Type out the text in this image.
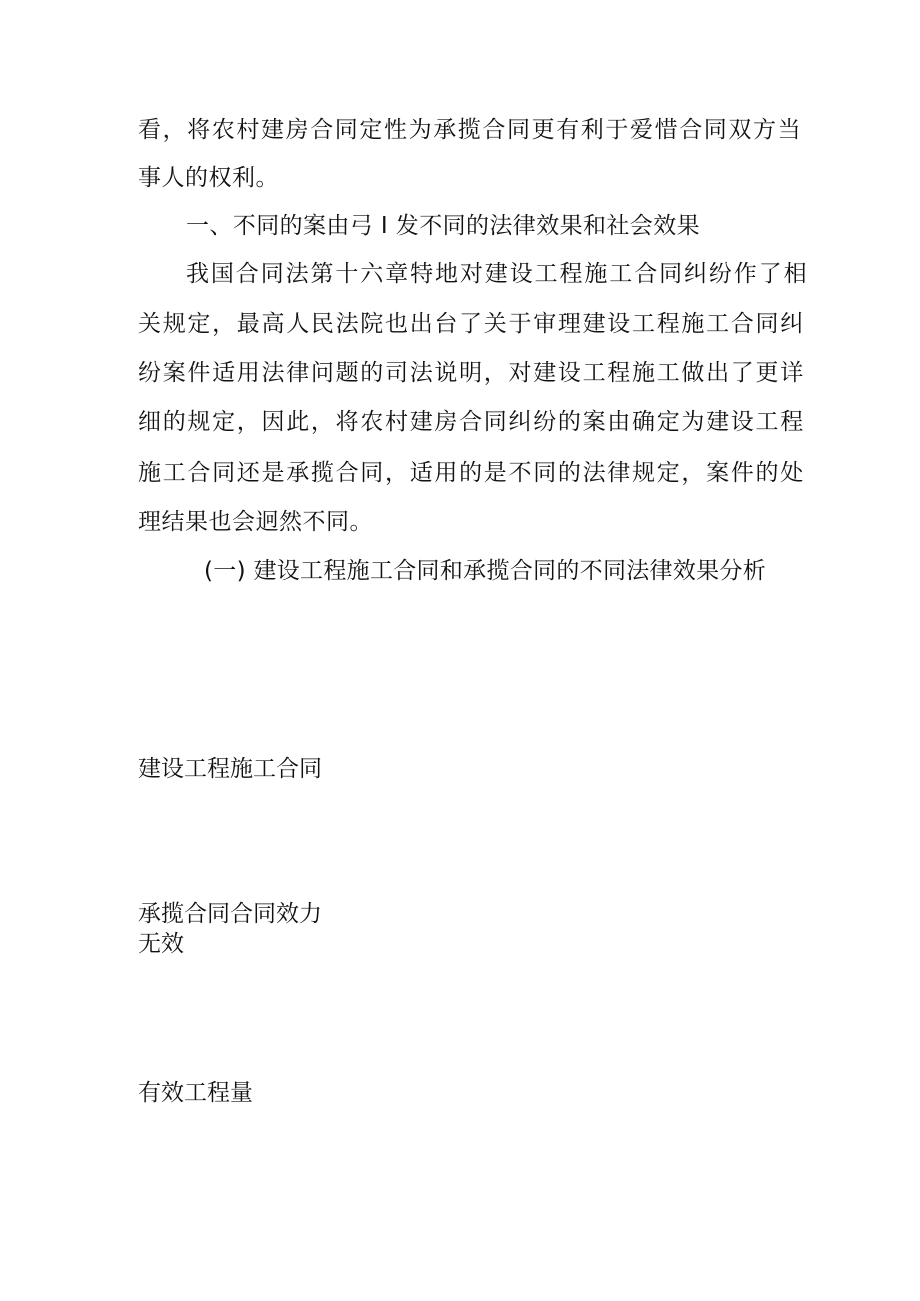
看，将农村建房合同定性为承揽合同更有利于爱惜合同双方当
事人的权利。
一、不同的案由弓 I 发不同的法律效果和社会效果
我国合同法第十六章特地对建设工程施工合同纠纷作了相
关规定，最高人民法院也出台了关于审理建设工程施工合同纠
纷案件适用法律问题的司法说明，对建设工程施工做出了更详
细的规定，因此，将农村建房合同纠纷的案由确定为建设工程
施工合同还是承揽合同，适用的是不同的法律规定，案件的处
理结果也会迥然不同。
(一) 建设工程施工合同和承揽合同的不同法律效果分析
建设工程施工合同
承揽合同合同效力
无效
有效工程量
